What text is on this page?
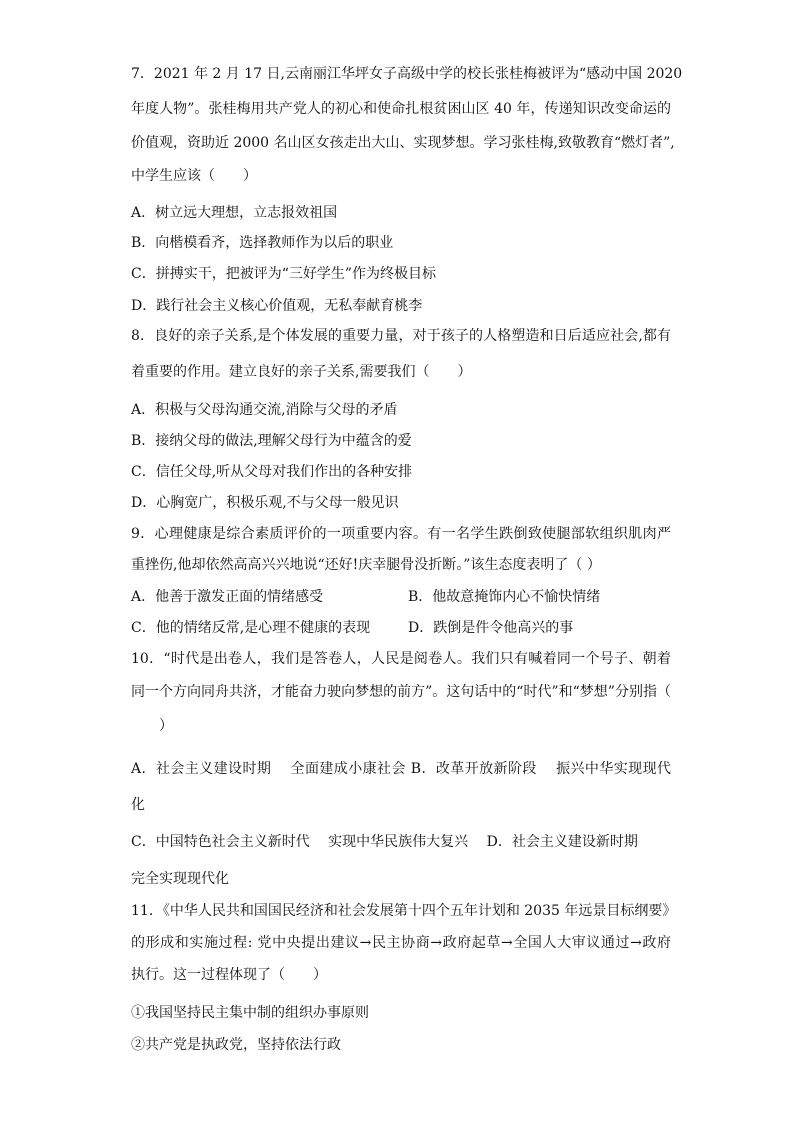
7．2021 年 2 月 17 日,云南丽江华坪女子高级中学的校长张桂梅被评为“感动中国 2020
年度人物”。张桂梅用共产党人的初心和使命扎根贫困山区 40 年，传递知识改变命运的
价值观，资助近 2000 名山区女孩走出大山、实现梦想。学习张桂梅,致敬教育“燃灯者”,
中学生应该（　　）
A．树立远大理想，立志报效祖国
B．向楷模看齐，选择教师作为以后的职业
C．拼搏实干，把被评为“三好学生”作为终极目标
D．践行社会主义核心价值观，无私奉献育桃李
8．良好的亲子关系,是个体发展的重要力量，对于孩子的人格塑造和日后适应社会,都有
着重要的作用。建立良好的亲子关系,需要我们（　　）
A．积极与父母沟通交流,消除与父母的矛盾
B．接纳父母的做法,理解父母行为中蕴含的爱
C．信任父母,听从父母对我们作出的各种安排
D．心胸宽广，积极乐观,不与父母一般见识
9．心理健康是综合素质评价的一项重要内容。有一名学生跌倒致使腿部软组织肌肉严
重挫伤,他却依然高高兴兴地说“还好!庆幸腿骨没折断。”该生态度表明了（ ）
A．他善于激发正面的情绪感受	B．他故意掩饰内心不愉快情绪
C．他的情绪反常,是心理不健康的表现	D．跌倒是件令他高兴的事
10．“时代是出卷人，我们是答卷人，人民是阅卷人。我们只有喊着同一个号子、朝着
同一个方向同舟共济，才能奋力驶向梦想的前方”。这句话中的“时代”和“梦想”分别指（
　　）
A．社会主义建设时期　 全面建成小康社会 B．改革开放新阶段　 振兴中华实现现代
化
C．中国特色社会主义新时代　 实现中华民族伟大复兴　 D．社会主义建设新时期
完全实现现代化
11．《中华人民共和国国民经济和社会发展第十四个五年计划和 2035 年远景目标纲要》
的形成和实施过程: 党中央提出建议→民主协商→政府起草→全国人大审议通过→政府
执行。这一过程体现了（　　）
①我国坚持民主集中制的组织办事原则
②共产党是执政党，坚持依法行政
